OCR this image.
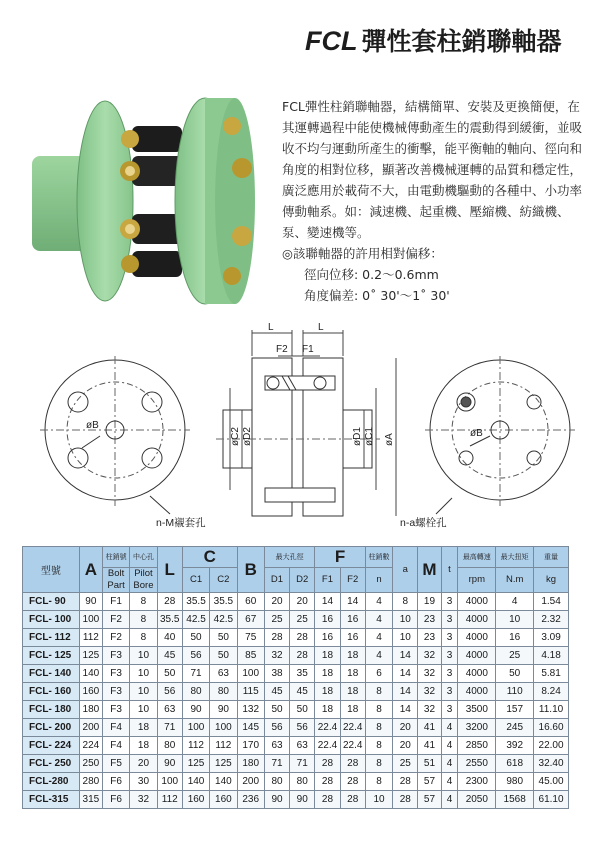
FCL 彈性套柱銷聯軸器

FCL彈性柱銷聯軸器，結構簡單、安裝及更換簡便，在其運轉過程中能使機械傳動產生的震動得到緩衝，並吸收不均勻運動所產生的衝擊，能平衡軸的軸向、徑向和角度的相對位移，顯著改善機械運轉的品質和穩定性，廣泛應用於載荷不大，由電動機驅動的各種中、小功率傳動軸系。如：減速機、起重機、壓縮機、紡織機、泵、變速機等。

◎該聯軸器的許用相對偏移：

徑向位移: 0.2～0.6mm

角度偏差: 0˚ 30'～1˚ 30'

øB
n-M襯套孔
L	L
F2 F1
øC2 øD2	øD1 øC1 øA	øB
n-a螺栓孔
型號	A	柱銷號	中心孔	L	C		B	最大孔徑		F		柱銷數	a	M	t	最高轉速	最大扭矩	重量
		Bolt
Part	Pilot
Bore		C1	C2		D1	D2	F1	F2	n				rpm	N.m	kg
FCL- 90	90	F1	8	28	35.5	35.5	60	20	20	14	14	4	8	19	3	4000	4	1.54
FCL- 100	100	F2	8	35.5	42.5	42.5	67	25	25	16	16	4	10	23	3	4000	10	2.32
FCL- 112	112	F2	8	40	50	50	75	28	28	16	16	4	10	23	3	4000	16	3.09
FCL- 125	125	F3	10	45	56	50	85	32	28	18	18	4	14	32	3	4000	25	4.18
FCL- 140	140	F3	10	50	71	63	100	38	35	18	18	6	14	32	3	4000	50	5.81
FCL- 160	160	F3	10	56	80	80	115	45	45	18	18	8	14	32	3	4000	110	8.24
FCL- 180	180	F3	10	63	90	90	132	50	50	18	18	8	14	32	3	3500	157	11.10
FCL- 200	200	F4	18	71	100	100	145	56	56	22.4	22.4	8	20	41	4	3200	245	16.60
FCL- 224	224	F4	18	80	112	112	170	63	63	22.4	22.4	8	20	41	4	2850	392	22.00
FCL- 250	250	F5	20	90	125	125	180	71	71	28	28	8	25	51	4	2550	618	32.40
FCL-280	280	F6	30	100	140	140	200	80	80	28	28	8	28	57	4	2300	980	45.00
FCL-315	315	F6	32	112	160	160	236	90	90	28	28	10	28	57	4	2050	1568	61.10
